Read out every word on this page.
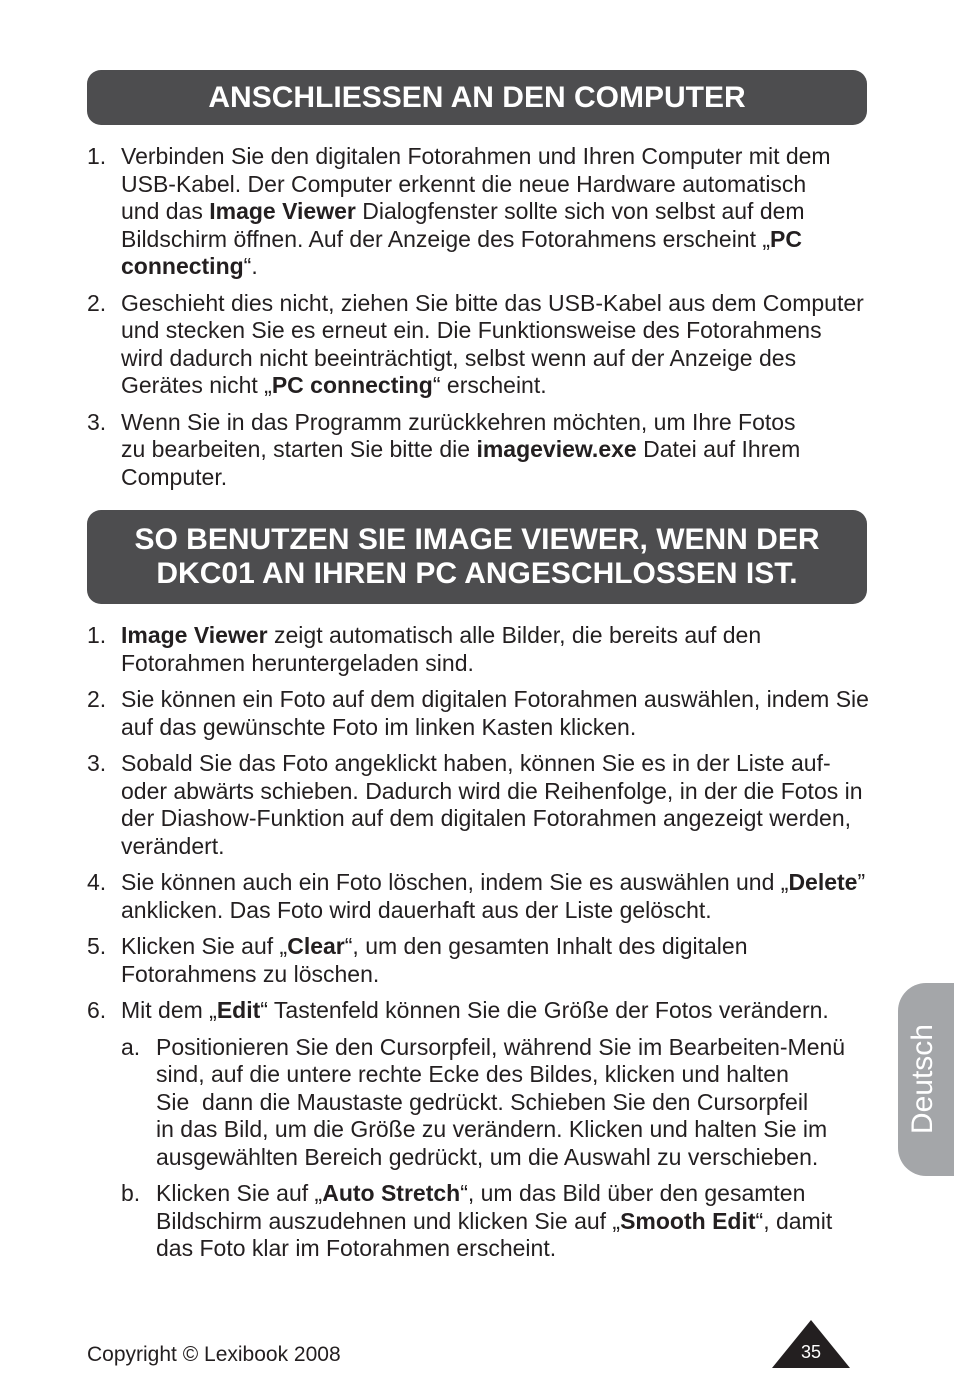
ANSCHLIESSEN AN DEN COMPUTER
1. Verbinden Sie den digitalen Fotorahmen und Ihren Computer mit dem
USB-Kabel. Der Computer erkennt die neue Hardware automatisch
und das Image Viewer Dialogfenster sollte sich von selbst auf dem
Bildschirm öffnen. Auf der Anzeige des Fotorahmens erscheint „PC
connecting“.
2. Geschieht dies nicht, ziehen Sie bitte das USB-Kabel aus dem Computer
und stecken Sie es erneut ein. Die Funktionsweise des Fotorahmens
wird dadurch nicht beeinträchtigt, selbst wenn auf der Anzeige des
Gerätes nicht „PC connecting“ erscheint.
3. Wenn Sie in das Programm zurückkehren möchten, um Ihre Fotos
zu bearbeiten, starten Sie bitte die imageview.exe Datei auf Ihrem
Computer.
SO BENUTZEN SIE IMAGE VIEWER, WENN DER
DKC01 AN IHREN PC ANGESCHLOSSEN IST.
1. Image Viewer zeigt automatisch alle Bilder, die bereits auf den
Fotorahmen heruntergeladen sind.
2. Sie können ein Foto auf dem digitalen Fotorahmen auswählen, indem Sie
auf das gewünschte Foto im linken Kasten klicken.
3. Sobald Sie das Foto angeklickt haben, können Sie es in der Liste auf-
oder abwärts schieben. Dadurch wird die Reihenfolge, in der die Fotos in
der Diashow-Funktion auf dem digitalen Fotorahmen angezeigt werden,
verändert.
4. Sie können auch ein Foto löschen, indem Sie es auswählen und „Delete”
anklicken. Das Foto wird dauerhaft aus der Liste gelöscht.
5. Klicken Sie auf „Clear“, um den gesamten Inhalt des digitalen
Fotorahmens zu löschen.
6. Mit dem „Edit“ Tastenfeld können Sie die Größe der Fotos verändern.
a. Positionieren Sie den Cursorpfeil, während Sie im Bearbeiten-Menü
sind, auf die untere rechte Ecke des Bildes, klicken und halten
Sie  dann die Maustaste gedrückt. Schieben Sie den Cursorpfeil
in das Bild, um die Größe zu verändern. Klicken und halten Sie im
ausgewählten Bereich gedrückt, um die Auswahl zu verschieben.
b. Klicken Sie auf „Auto Stretch“, um das Bild über den gesamten
Bildschirm auszudehnen und klicken Sie auf „Smooth Edit“, damit
das Foto klar im Fotorahmen erscheint.
Deutsch
Copyright © Lexibook 2008	35
